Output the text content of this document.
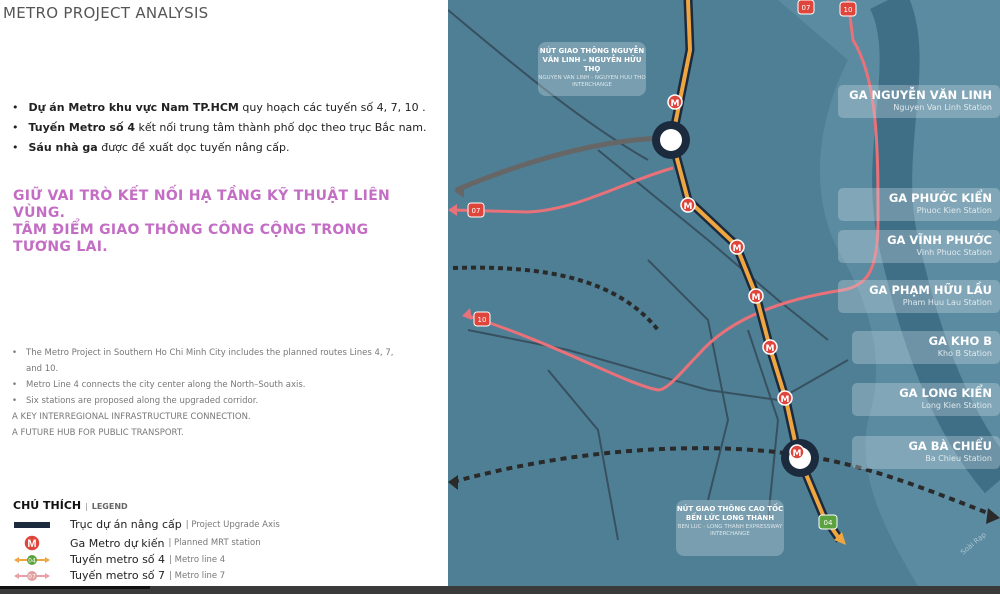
METRO PROJECT ANALYSIS
• Dự án Metro khu vực Nam TP.HCM quy hoạch các tuyến số 4, 7, 10 .
• Tuyến Metro số 4 kết nối trung tâm thành phố dọc theo trục Bắc nam.
• Sáu nhà ga được đề xuất dọc tuyến nâng cấp.
GIỮ VAI TRÒ KẾT NỐI HẠ TẦNG KỸ THUẬT LIÊN VÙNG.
TÂM ĐIỂM GIAO THÔNG CÔNG CỘNG TRONG TƯƠNG LAI.
• The Metro Project in Southern Ho Chi Minh City includes the planned routes Lines 4, 7, and 10.
• Metro Line 4 connects the city center along the North–South axis.
• Six stations are proposed along the upgraded corridor.
A KEY INTERREGIONAL INFRASTRUCTURE CONNECTION.
A FUTURE HUB FOR PUBLIC TRANSPORT.
CHÚ THÍCH | LEGEND
Trục dự án nâng cấp | Project Upgrade Axis
M	Ga Metro dự kiến | Planned MRT station
04	Tuyến metro số 4 | Metro line 4
07	Tuyến metro số 7 | Metro line 7
Soài Rạp
07
10
07	10
04
M
M
M
M
M
M
M
NÚT GIAO THÔNG NGUYỄN VĂN LINH – NGUYỄN HỮU THỌ
NGUYEN VAN LINH - NGUYEN HUU THO INTERCHANGE
NÚT GIAO THÔNG CAO TỐC BẾN LỨC LONG THÀNH
BEN LUC - LONG THANH EXPRESSWAY INTERCHANGE
GA NGUYỄN VĂN LINH
Nguyen Van Linh Station
GA PHƯỚC KIỂN
Phuoc Kien Station
GA VĨNH PHƯỚC
Vinh Phuoc Station
GA PHẠM HỮU LẦU
Pham Huu Lau Station
GA KHO B
Kho B Station
GA LONG KIỂN
Long Kien Station
GA BÀ CHIỂU
Ba Chieu Station
